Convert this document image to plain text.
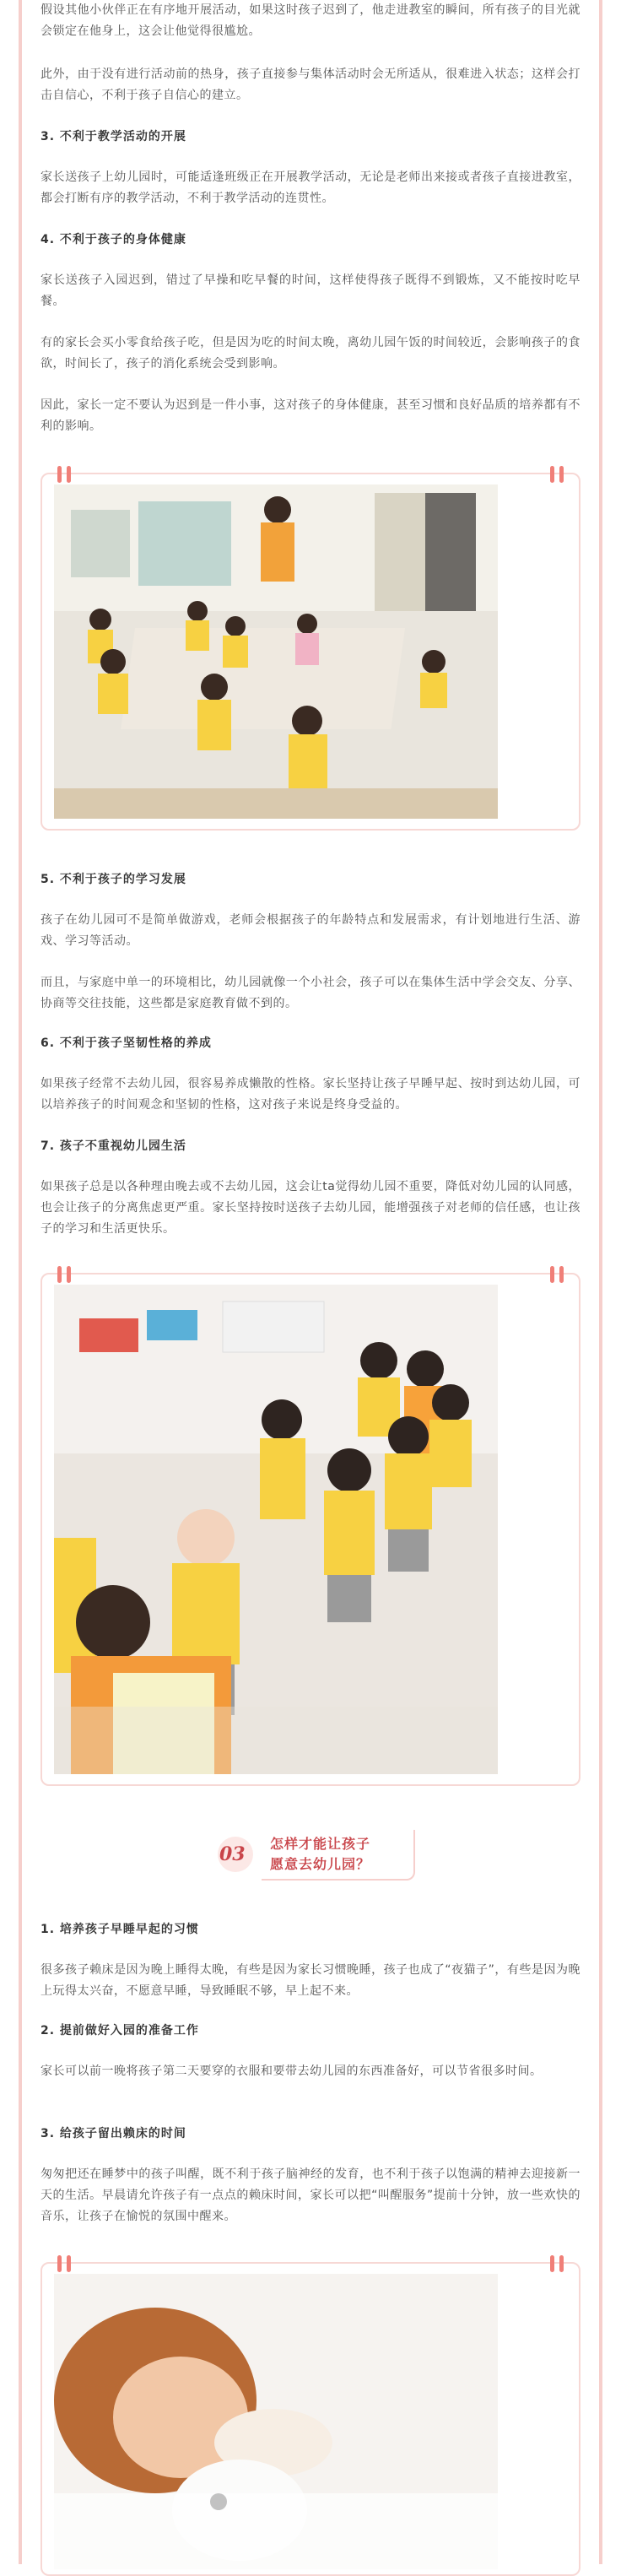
假设其他小伙伴正在有序地开展活动，如果这时孩子迟到了，他走进教室的瞬间，所有孩子的目光就会锁定在他身上，这会让他觉得很尴尬。

此外，由于没有进行活动前的热身，孩子直接参与集体活动时会无所适从，很难进入状态；这样会打击自信心，不利于孩子自信心的建立。

3. 不利于教学活动的开展

家长送孩子上幼儿园时，可能适逢班级正在开展教学活动，无论是老师出来接或者孩子直接进教室，都会打断有序的教学活动，不利于教学活动的连贯性。

4. 不利于孩子的身体健康

家长送孩子入园迟到，错过了早操和吃早餐的时间，这样使得孩子既得不到锻炼，又不能按时吃早餐。

有的家长会买小零食给孩子吃，但是因为吃的时间太晚，离幼儿园午饭的时间较近，会影响孩子的食欲，时间长了，孩子的消化系统会受到影响。

因此，家长一定不要认为迟到是一件小事，这对孩子的身体健康，甚至习惯和良好品质的培养都有不利的影响。

5. 不利于孩子的学习发展

孩子在幼儿园可不是简单做游戏，老师会根据孩子的年龄特点和发展需求，有计划地进行生活、游戏、学习等活动。

而且，与家庭中单一的环境相比，幼儿园就像一个小社会，孩子可以在集体生活中学会交友、分享、协商等交往技能，这些都是家庭教育做不到的。

6. 不利于孩子坚韧性格的养成

如果孩子经常不去幼儿园，很容易养成懒散的性格。家长坚持让孩子早睡早起、按时到达幼儿园，可以培养孩子的时间观念和坚韧的性格，这对孩子来说是终身受益的。

7. 孩子不重视幼儿园生活

如果孩子总是以各种理由晚去或不去幼儿园，这会让ta觉得幼儿园不重要，降低对幼儿园的认同感，也会让孩子的分离焦虑更严重。家长坚持按时送孩子去幼儿园，能增强孩子对老师的信任感，也让孩子的学习和生活更快乐。

03 怎样才能让孩子
愿意去幼儿园？

1. 培养孩子早睡早起的习惯

很多孩子赖床是因为晚上睡得太晚，有些是因为家长习惯晚睡，孩子也成了“夜猫子”，有些是因为晚上玩得太兴奋，不愿意早睡，导致睡眠不够，早上起不来。

2. 提前做好入园的准备工作

家长可以前一晚将孩子第二天要穿的衣服和要带去幼儿园的东西准备好，可以节省很多时间。

3. 给孩子留出赖床的时间

匆匆把还在睡梦中的孩子叫醒，既不利于孩子脑神经的发育，也不利于孩子以饱满的精神去迎接新一天的生活。早晨请允许孩子有一点点的赖床时间，家长可以把“叫醒服务”提前十分钟，放一些欢快的音乐，让孩子在愉悦的氛围中醒来。
